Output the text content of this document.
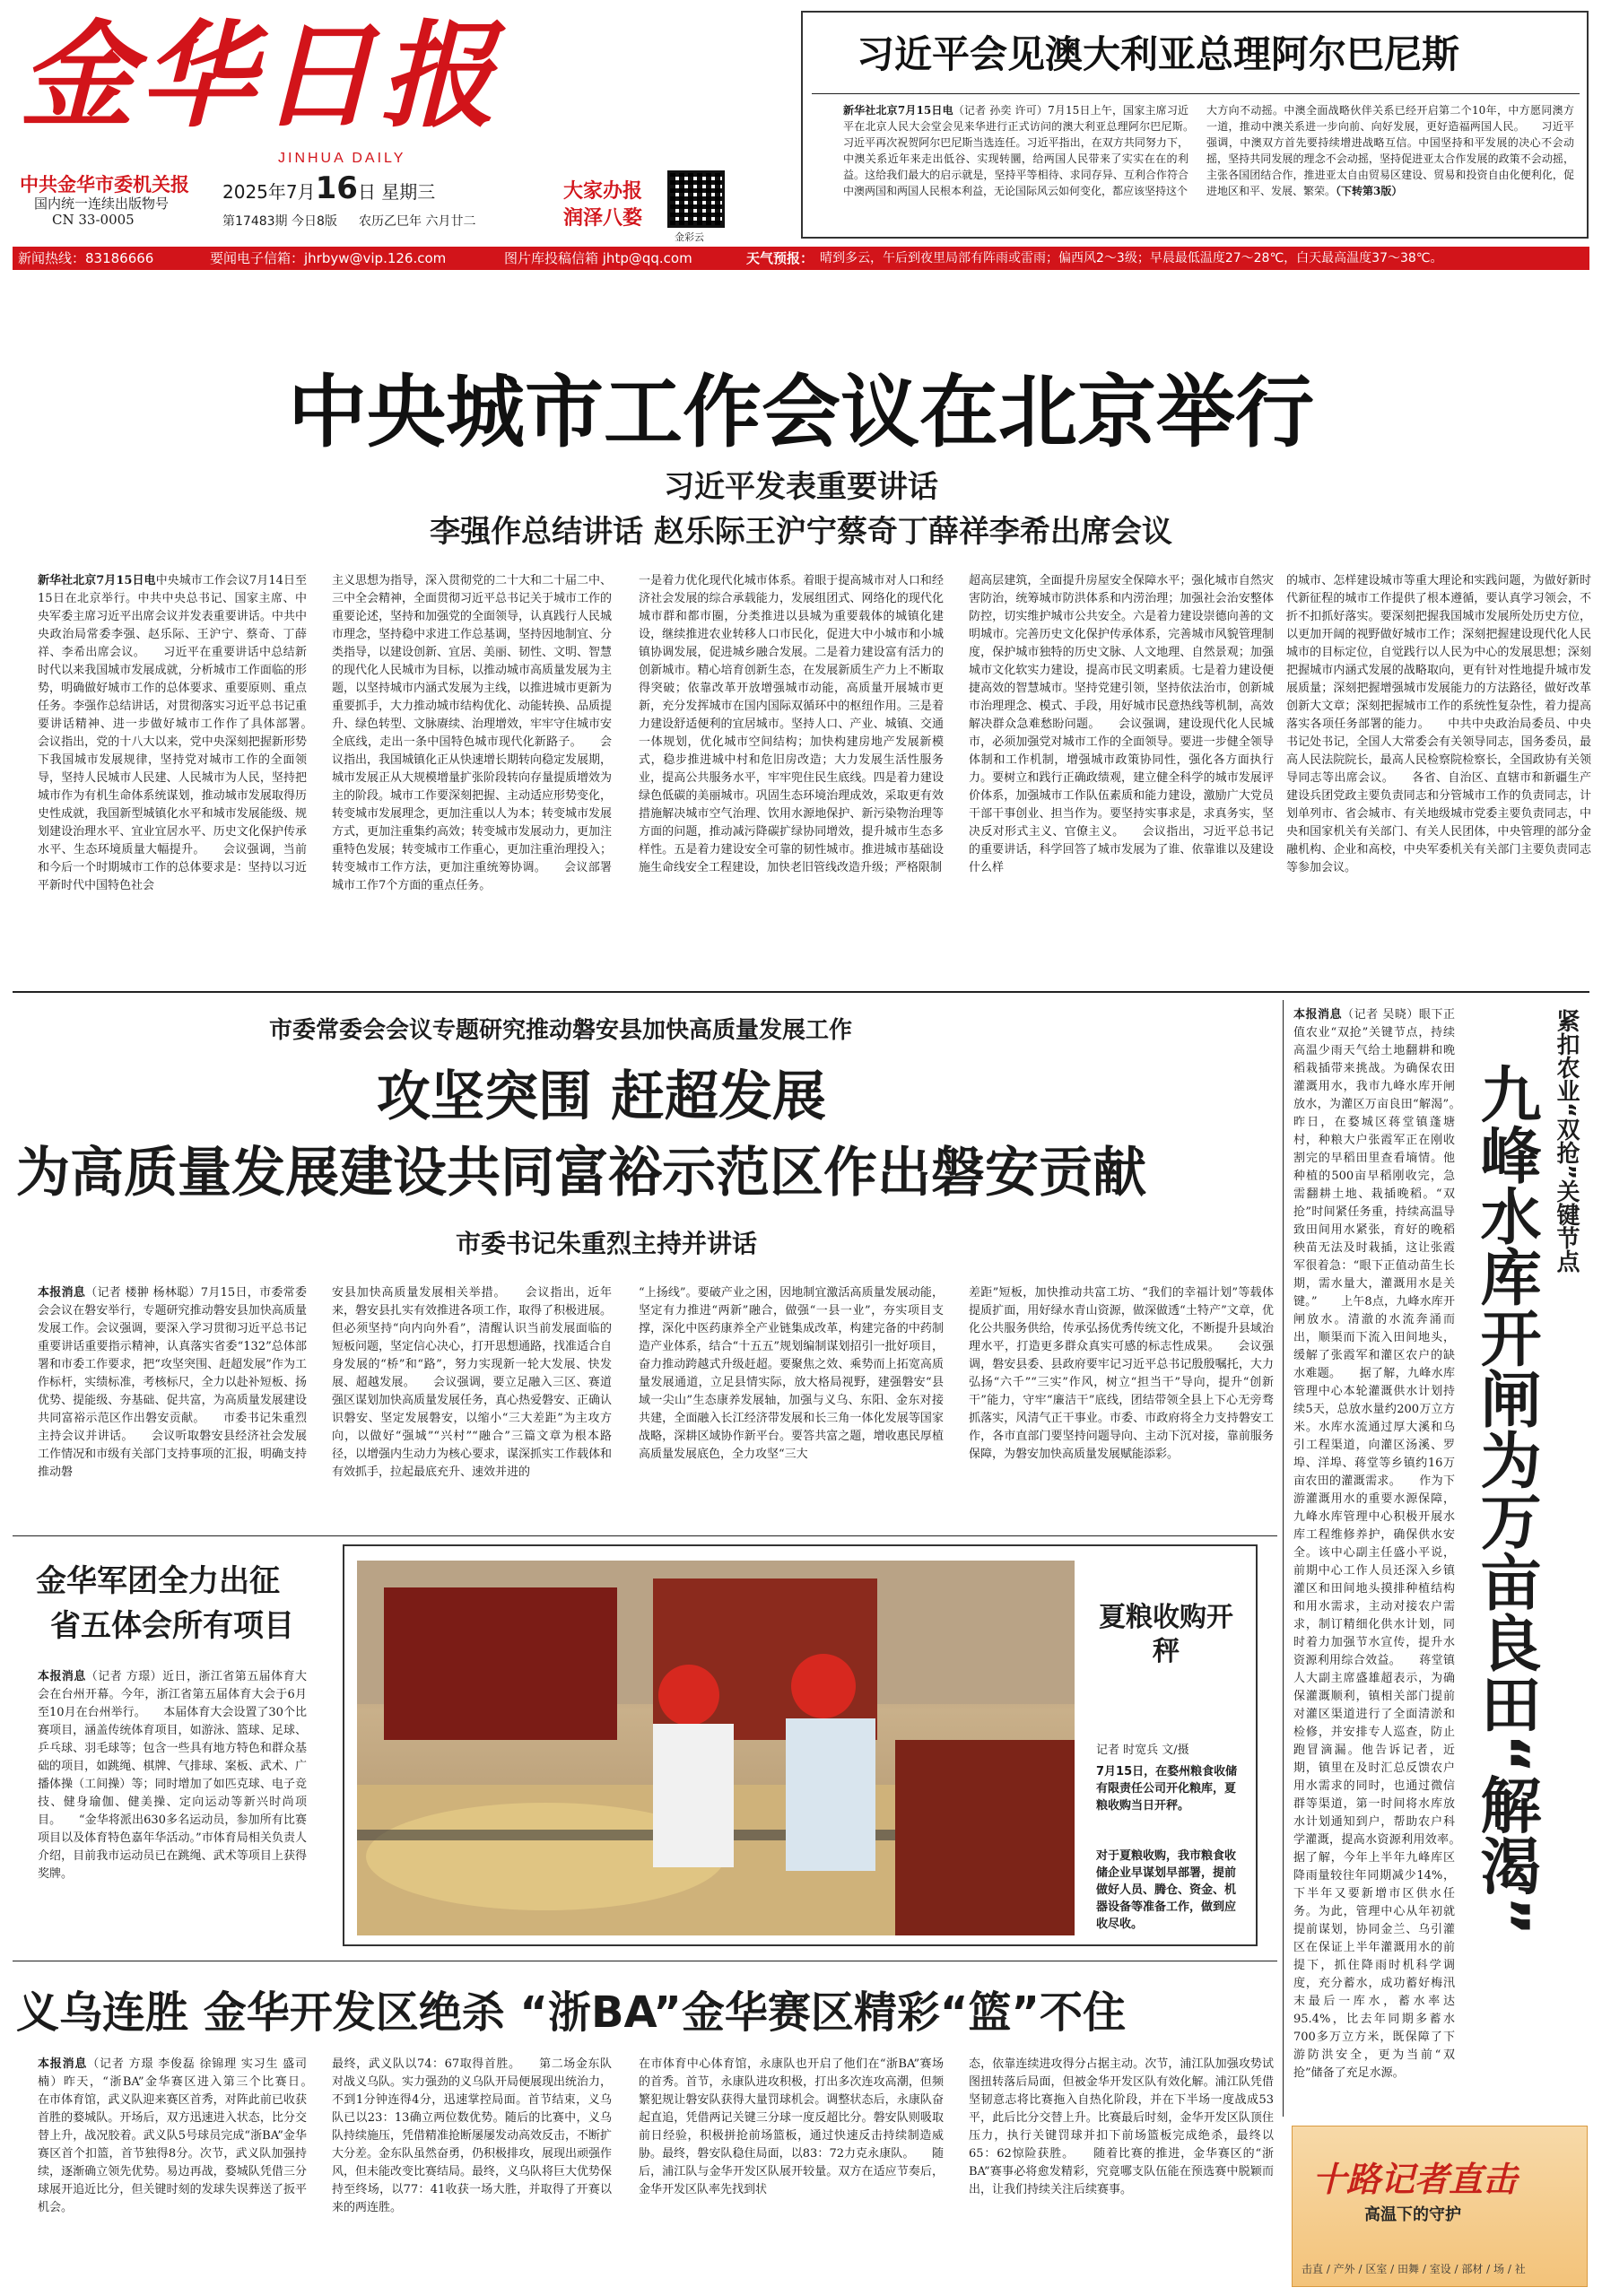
金华日报
JINHUA DAILY
中共金华市委机关报
国内统一连续出版物号
CN 33-0005
2025年7月16日 星期三
第17483期 今日8版 农历乙巳年 六月廿二
大家办报
润泽八婺
金彩云
新闻热线：83186666	要闻电子信箱：jhrbyw@vip.126.com	图片库投稿信箱 jhtp@qq.com	天气预报： 晴到多云，午后到夜里局部有阵雨或雷雨；偏西风2～3级；早晨最低温度27～28℃，白天最高温度37～38℃。
习近平会见澳大利亚总理阿尔巴尼斯
新华社北京7月15日电（记者 孙奕 许可）7月15日上午，国家主席习近平在北京人民大会堂会见来华进行正式访问的澳大利亚总理阿尔巴尼斯。　　习近平再次祝贺阿尔巴尼斯当选连任。习近平指出，在双方共同努力下，中澳关系近年来走出低谷、实现转圜，给两国人民带来了实实在在的利益。这给我们最大的启示就是，坚持平等相待、求同存异、互利合作符合中澳两国和两国人民根本利益，无论国际风云如何变化，都应该坚持这个
大方向不动摇。中澳全面战略伙伴关系已经开启第二个10年，中方愿同澳方一道，推动中澳关系进一步向前、向好发展，更好造福两国人民。　　习近平强调，中澳双方首先要持续增进战略互信。中国坚持和平发展的决心不会动摇，坚持共同发展的理念不会动摇，坚持促进亚太合作发展的政策不会动摇，主张各国团结合作，推进亚太自由贸易区建设、贸易和投资自由化便利化，促进地区和平、发展、繁荣。（下转第3版）
中央城市工作会议在北京举行
习近平发表重要讲话
李强作总结讲话 赵乐际王沪宁蔡奇丁薛祥李希出席会议
新华社北京7月15日电中央城市工作会议7月14日至15日在北京举行。中共中央总书记、国家主席、中央军委主席习近平出席会议并发表重要讲话。中共中央政治局常委李强、赵乐际、王沪宁、蔡奇、丁薛祥、李希出席会议。　　习近平在重要讲话中总结新时代以来我国城市发展成就，分析城市工作面临的形势，明确做好城市工作的总体要求、重要原则、重点任务。李强作总结讲话，对贯彻落实习近平总书记重要讲话精神、进一步做好城市工作作了具体部署。　　会议指出，党的十八大以来，党中央深刻把握新形势下我国城市发展规律，坚持党对城市工作的全面领导，坚持人民城市人民建、人民城市为人民，坚持把城市作为有机生命体系统谋划，推动城市发展取得历史性成就，我国新型城镇化水平和城市发展能级、规划建设治理水平、宜业宜居水平、历史文化保护传承水平、生态环境质量大幅提升。　　会议强调，当前和今后一个时期城市工作的总体要求是：坚持以习近平新时代中国特色社会
主义思想为指导，深入贯彻党的二十大和二十届二中、三中全会精神，全面贯彻习近平总书记关于城市工作的重要论述，坚持和加强党的全面领导，认真践行人民城市理念，坚持稳中求进工作总基调，坚持因地制宜、分类指导，以建设创新、宜居、美丽、韧性、文明、智慧的现代化人民城市为目标，以推动城市高质量发展为主题，以坚持城市内涵式发展为主线，以推进城市更新为重要抓手，大力推动城市结构优化、动能转换、品质提升、绿色转型、文脉赓续、治理增效，牢牢守住城市安全底线，走出一条中国特色城市现代化新路子。　　会议指出，我国城镇化正从快速增长期转向稳定发展期，城市发展正从大规模增量扩张阶段转向存量提质增效为主的阶段。城市工作要深刻把握、主动适应形势变化，转变城市发展理念，更加注重以人为本；转变城市发展方式，更加注重集约高效；转变城市发展动力，更加注重特色发展；转变城市工作重心，更加注重治理投入；转变城市工作方法，更加注重统筹协调。　　会议部署城市工作7个方面的重点任务。
一是着力优化现代化城市体系。着眼于提高城市对人口和经济社会发展的综合承载能力，发展组团式、网络化的现代化城市群和都市圈，分类推进以县城为重要载体的城镇化建设，继续推进农业转移人口市民化，促进大中小城市和小城镇协调发展，促进城乡融合发展。二是着力建设富有活力的创新城市。精心培育创新生态，在发展新质生产力上不断取得突破；依靠改革开放增强城市动能，高质量开展城市更新，充分发挥城市在国内国际双循环中的枢纽作用。三是着力建设舒适便利的宜居城市。坚持人口、产业、城镇、交通一体规划，优化城市空间结构；加快构建房地产发展新模式，稳步推进城中村和危旧房改造；大力发展生活性服务业，提高公共服务水平，牢牢兜住民生底线。四是着力建设绿色低碳的美丽城市。巩固生态环境治理成效，采取更有效措施解决城市空气治理、饮用水源地保护、新污染物治理等方面的问题，推动减污降碳扩绿协同增效，提升城市生态多样性。五是着力建设安全可靠的韧性城市。推进城市基础设施生命线安全工程建设，加快老旧管线改造升级；严格限制
超高层建筑，全面提升房屋安全保障水平；强化城市自然灾害防治，统筹城市防洪体系和内涝治理；加强社会治安整体防控，切实维护城市公共安全。六是着力建设崇德向善的文明城市。完善历史文化保护传承体系，完善城市风貌管理制度，保护城市独特的历史文脉、人文地理、自然景观；加强城市文化软实力建设，提高市民文明素质。七是着力建设便捷高效的智慧城市。坚持党建引领，坚持依法治市，创新城市治理理念、模式、手段，用好城市民意热线等机制，高效解决群众急难愁盼问题。　　会议强调，建设现代化人民城市，必须加强党对城市工作的全面领导。要进一步健全领导体制和工作机制，增强城市政策协同性，强化各方面执行力。要树立和践行正确政绩观，建立健全科学的城市发展评价体系，加强城市工作队伍素质和能力建设，激励广大党员干部干事创业、担当作为。要坚持实事求是，求真务实，坚决反对形式主义、官僚主义。　　会议指出，习近平总书记的重要讲话，科学回答了城市发展为了谁、依靠谁以及建设什么样
的城市、怎样建设城市等重大理论和实践问题，为做好新时代新征程的城市工作提供了根本遵循，要认真学习领会，不折不扣抓好落实。要深刻把握我国城市发展所处历史方位，以更加开阔的视野做好城市工作；深刻把握建设现代化人民城市的目标定位，自觉践行以人民为中心的发展思想；深刻把握城市内涵式发展的战略取向，更有针对性地提升城市发展质量；深刻把握增强城市发展能力的方法路径，做好改革创新大文章；深刻把握城市工作的系统性复杂性，着力提高落实各项任务部署的能力。　　中共中央政治局委员、中央书记处书记，全国人大常委会有关领导同志，国务委员，最高人民法院院长，最高人民检察院检察长，全国政协有关领导同志等出席会议。　　各省、自治区、直辖市和新疆生产建设兵团党政主要负责同志和分管城市工作的负责同志，计划单列市、省会城市、有关地级城市党委主要负责同志，中央和国家机关有关部门、有关人民团体，中央管理的部分金融机构、企业和高校，中央军委机关有关部门主要负责同志等参加会议。
市委常委会会议专题研究推动磐安县加快高质量发展工作
攻坚突围 赶超发展
为高质量发展建设共同富裕示范区作出磐安贡献
市委书记朱重烈主持并讲话
本报消息（记者 楼翀 杨林聪）7月15日，市委常委会会议在磐安举行，专题研究推动磐安县加快高质量发展工作。会议强调，要深入学习贯彻习近平总书记重要讲话重要指示精神，认真落实省委“132”总体部署和市委工作要求，把“攻坚突围、赶超发展”作为工作标杆，实绩标准，考核标尺，全力以赴补短板、扬优势、提能级、夯基础、促共富，为高质量发展建设共同富裕示范区作出磐安贡献。　　市委书记朱重烈主持会议并讲话。　　会议听取磐安县经济社会发展工作情况和市级有关部门支持事项的汇报，明确支持推动磐
安县加快高质量发展相关举措。　　会议指出，近年来，磐安县扎实有效推进各项工作，取得了积极进展。但必须坚持“向内向外看”，清醒认识当前发展面临的短板问题，坚定信心决心，打开思想通路，找准适合自身发展的“桥”和“路”，努力实现新一轮大发展、快发展、超越发展。　　会议强调，要立足融入三区、赛道强区谋划加快高质量发展任务，真心热爱磐安、正确认识磐安、坚定发展磐安，以缩小“三大差距”为主攻方向，以做好“强城”“兴村”“融合”三篇文章为根本路径，以增强内生动力为核心要求，谋深抓实工作载体和有效抓手，拉起最底充升、速效并进的
“上扬线”。要破产业之困，因地制宜激活高质量发展动能，坚定有力推进“两新”融合，做强“一县一业”，夯实项目支撑，深化中医药康养全产业链集成改革，构建完备的中药制造产业体系，结合“十五五”规划编制谋划招引一批好项目，奋力推动跨越式升级赶超。要聚焦之效、乘势而上拓宽高质量发展通道，立足县情实际，放大格局视野，建强磐安“县域一尖山”生态康养发展轴，加强与义乌、东阳、金东对接共建，全面融入长江经济带发展和长三角一体化发展等国家战略，深耕区域协作新平台。要答共富之题，增收惠民厚植高质量发展底色，全力攻坚“三大
差距”短板，加快推动共富工坊、“我们的幸福计划”等载体提质扩面，用好绿水青山资源，做深做透“土特产”文章，优化公共服务供给，传承弘扬优秀传统文化，不断提升县域治理水平，打造更多群众真实可感的标志性成果。　　会议强调，磐安县委、县政府要牢记习近平总书记殷殷嘱托，大力弘扬“六千”“三实”作风，树立“担当干”导向，提升“创新干”能力，守牢“廉洁干”底线，团结带领全县上下心无旁骛抓落实，风清气正干事业。市委、市政府将全力支持磐安工作，各市直部门要坚持问题导向、主动下沉对接，靠前服务保障，为磐安加快高质量发展赋能添彩。
本报消息（记者 吴晓）眼下正值农业“双抢”关键节点，持续高温少雨天气给土地翻耕和晚稻栽插带来挑战。为确保农田灌溉用水，我市九峰水库开闸放水，为灌区万亩良田“解渴”。　　昨日，在婺城区蒋堂镇蓬塘村，种粮大户张霞军正在刚收割完的早稻田里查看墒情。他种植的500亩早稻刚收完，急需翻耕土地、栽插晚稻。“双抢”时间紧任务重，持续高温导致田间用水紧张，育好的晚稻秧苗无法及时栽插，这让张霞军很着急：“眼下正值动苗生长期，需水量大，灌溉用水是关键。”　　上午8点，九峰水库开闸放水。清澈的水流奔涌而出，顺渠而下流入田间地头，缓解了张霞军和灌区农户的缺水难题。　　据了解，九峰水库管理中心本轮灌溉供水计划持续5天，总放水量约200万立方米。水库水流通过厚大溪和乌引工程渠道，向灌区汤溪、罗埠、洋埠、蒋堂等乡镇约16万亩农田的灌溉需求。　　作为下游灌溉用水的重要水源保障，九峰水库管理中心积极开展水库工程维修养护，确保供水安全。该中心副主任盛小平说，前期中心工作人员还深入乡镇灌区和田间地头摸排种植结构和用水需求，主动对接农户需求，制订精细化供水计划，同时着力加强节水宣传，提升水资源利用综合效益。　　蒋堂镇人大副主席盛雄超表示，为确保灌溉顺利，镇相关部门提前对灌区渠道进行了全面清淤和检修，并安排专人巡查，防止跑冒滴漏。他告诉记者，近期，镇里在及时汇总反馈农户用水需求的同时，也通过微信群等渠道，第一时间将水库放水计划通知到户，帮助农户科学灌溉，提高水资源利用效率。　　据了解，今年上半年九峰库区降雨量较往年同期减少14%，下半年又要新增市区供水任务。为此，管理中心从年初就提前谋划，协同金兰、乌引灌区在保证上半年灌溉用水的前提下，抓住降雨时机科学调度，充分蓄水，成功蓄好梅汛末最后一库水，蓄水率达95.4%，比去年同期多蓄水700多万立方米，既保障了下游防洪安全，更为当前“双抢”储备了充足水源。
紧扣农业“双抢”关键节点
九峰水库开闸为万亩良田“解渴”
金华军团全力出征
省五体会所有项目
本报消息（记者 方璟）近日，浙江省第五届体育大会在台州开幕。今年，浙江省第五届体育大会于6月至10月在台州举行。　　本届体育大会设置了30个比赛项目，涵盖传统体育项目，如游泳、篮球、足球、乒乓球、羽毛球等；包含一些具有地方特色和群众基础的项目，如跳绳、棋牌、气排球、案板、武术、广播体操（工间操）等；同时增加了如匹克球、电子竞技、健身瑜伽、健美操、定向运动等新兴时尚项目。　　“金华将派出630多名运动员，参加所有比赛项目以及体育特色嘉年华活动。”市体育局相关负责人介绍，目前我市运动员已在跳绳、武术等项目上获得奖牌。
夏粮收购开秤
记者 时宽兵 文/摄
7月15日，在婺州粮食收储有限责任公司开化粮库，夏粮收购当日开秤。
对于夏粮收购，我市粮食收储企业早谋划早部署，提前做好人员、腾仓、资金、机器设备等准备工作，做到应收尽收。
义乌连胜 金华开发区绝杀 “浙BA”金华赛区精彩“篮”不住
本报消息（记者 方璟 李俊磊 徐锦理 实习生 盛司楠）昨天，“浙BA”金华赛区进入第三个比赛日。　　在市体育馆，武义队迎来赛区首秀，对阵此前已收获首胜的婺城队。开场后，双方迅速进入状态，比分交替上升，战况胶着。武义队5号球员完成“浙BA”金华赛区首个扣篮，首节独得8分。次节，武义队加强持续，逐渐确立领先优势。易边再战，婺城队凭借三分球展开追近比分，但关键时刻的发球失误葬送了扳平机会。
最终，武义队以74：67取得首胜。　　第二场金东队对战义乌队。实力强劲的义乌队开局便展现出统治力，不到1分钟连得4分，迅速掌控局面。首节结束，义乌队已以23：13确立两位数优势。随后的比赛中，义乌队持续施压，凭借精准抢断屡屡发动高效反击，不断扩大分差。金东队虽然奋勇，仍积极排攻，展现出顽强作风，但未能改变比赛结局。最终，义乌队将巨大优势保持至终场，以77：41收获一场大胜，并取得了开赛以来的两连胜。
在市体育中心体育馆，永康队也开启了他们在“浙BA”赛场的首秀。首节，永康队进攻积极，打出多次连攻高潮，但频繁犯规让磐安队获得大量罚球机会。调整状态后，永康队奋起直追，凭借两记关键三分球一度反超比分。磐安队则吸取前日经验，积极拼抢前场篮板，通过快速反击持续制造威胁。最终，磐安队稳住局面，以83：72力克永康队。　　随后，浦江队与金华开发区队展开较量。双方在适应节奏后，金华开发区队率先找到状
态，依靠连续进攻得分占据主动。次节，浦江队加强攻势试图扭转落后局面，但被金华开发区队有效化解。浦江队凭借坚韧意志将比赛拖入自热化阶段，并在下半场一度战成53平，此后比分交替上升。比赛最后时刻，金华开发区队顶住压力，执行关键罚球并扣下前场篮板完成绝杀，最终以65：62惊险获胜。　　随着比赛的推进，金华赛区的“浙BA”赛事必将愈发精彩，究竟哪支队伍能在预选赛中脱颖而出，让我们持续关注后续赛事。	十路记者直击
高温下的守护
击直 / 产外 / 区室 / 田舞 / 室设 / 部材 / 场 / 社
